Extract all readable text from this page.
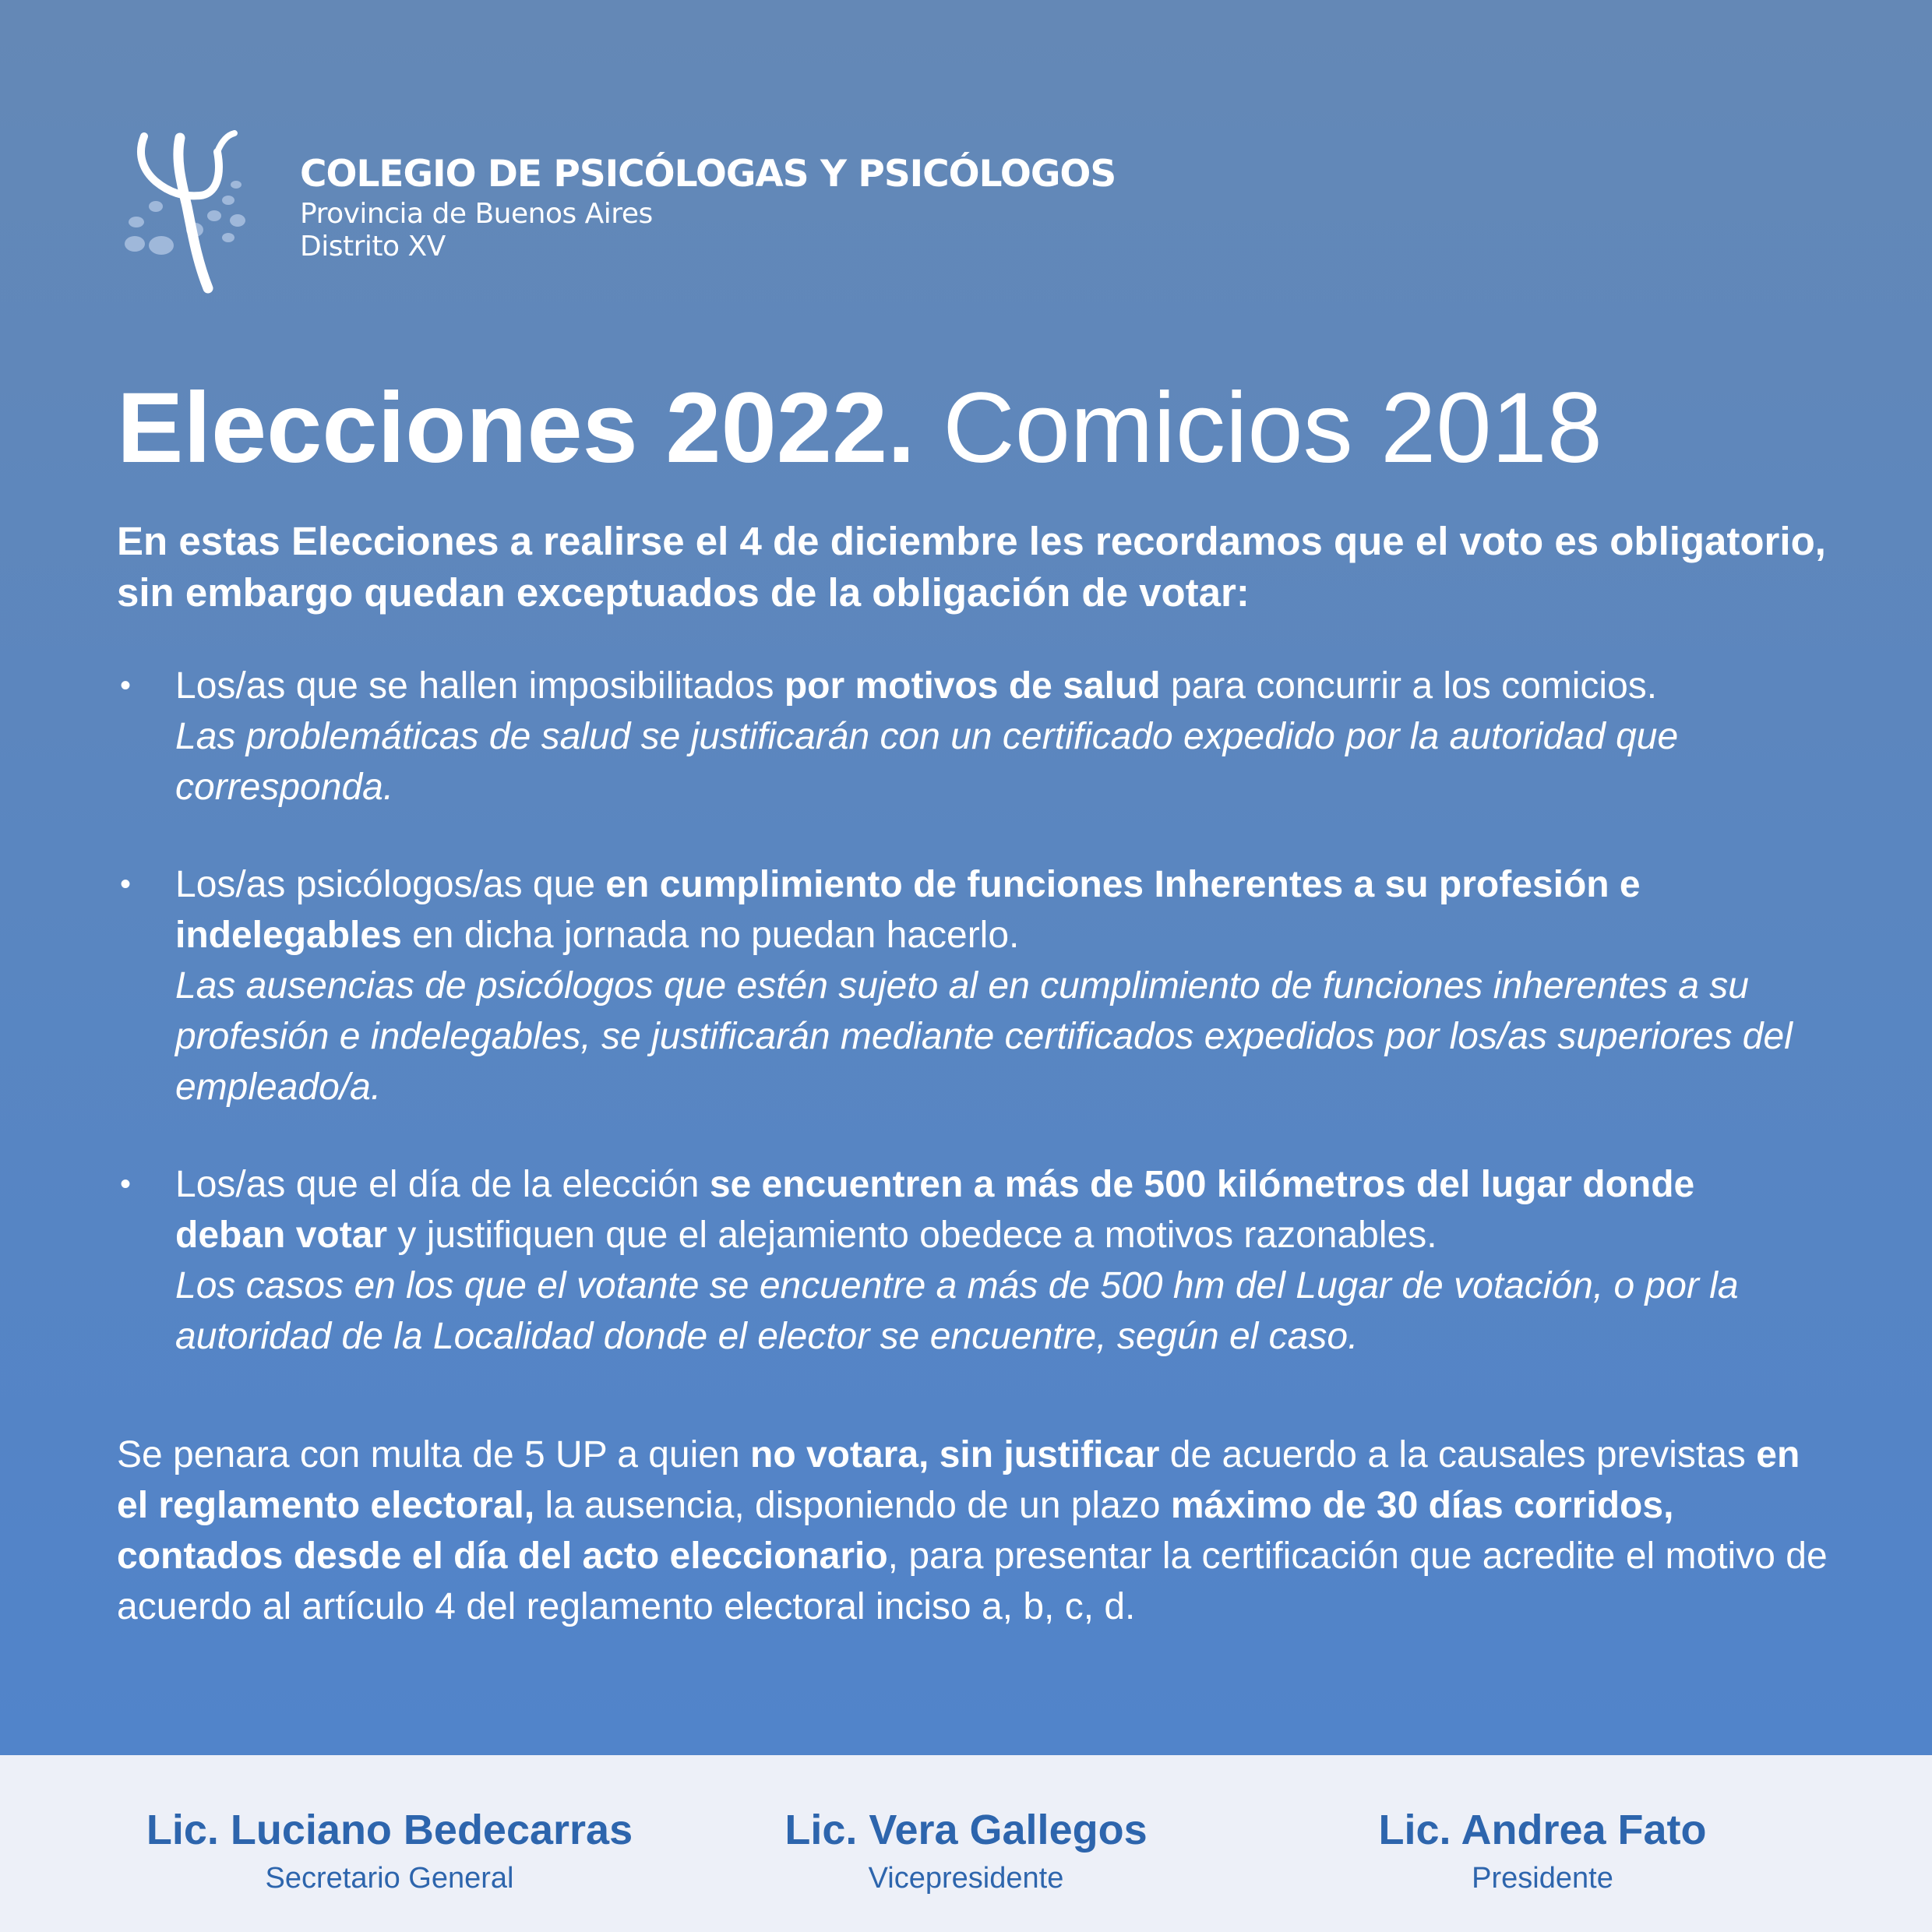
COLEGIO DE PSICÓLOGAS Y PSICÓLOGOS
Provincia de Buenos Aires
Distrito XV
Elecciones 2022. Comicios 2018
En estas Elecciones a realirse el 4 de diciembre les recordamos que el voto es obligatorio, sin embargo quedan exceptuados de la obligación de votar:
• Los/as que se hallen imposibilitados por motivos de salud para concurrir a los comicios.
Las problemáticas de salud se justificarán con un certificado expedido por la autoridad que corresponda.
• Los/as psicólogos/as que en cumplimiento de funciones Inherentes a su profesión e indelegables en dicha jornada no puedan hacerlo.
Las ausencias de psicólogos que estén sujeto al en cumplimiento de funciones inherentes a su profesión e indelegables, se justificarán mediante certificados expedidos por los/as superiores del empleado/a.
• Los/as que el día de la elección se encuentren a más de 500 kilómetros del lugar donde deban votar y justifiquen que el alejamiento obedece a motivos razonables.
Los casos en los que el votante se encuentre a más de 500 hm del Lugar de votación, o por la autoridad de la Localidad donde el elector se encuentre, según el caso.
Se penara con multa de 5 UP a quien no votara, sin justificar de acuerdo a la causales previstas en el reglamento electoral, la ausencia, disponiendo de un plazo máximo de 30 días corridos, contados desde el día del acto eleccionario, para presentar la certificación que acredite el motivo de acuerdo al artículo 4 del reglamento electoral inciso a, b, c, d.
Lic. Luciano Bedecarras
Secretario General
Lic. Vera Gallegos
Vicepresidente
Lic. Andrea Fato
Presidente
